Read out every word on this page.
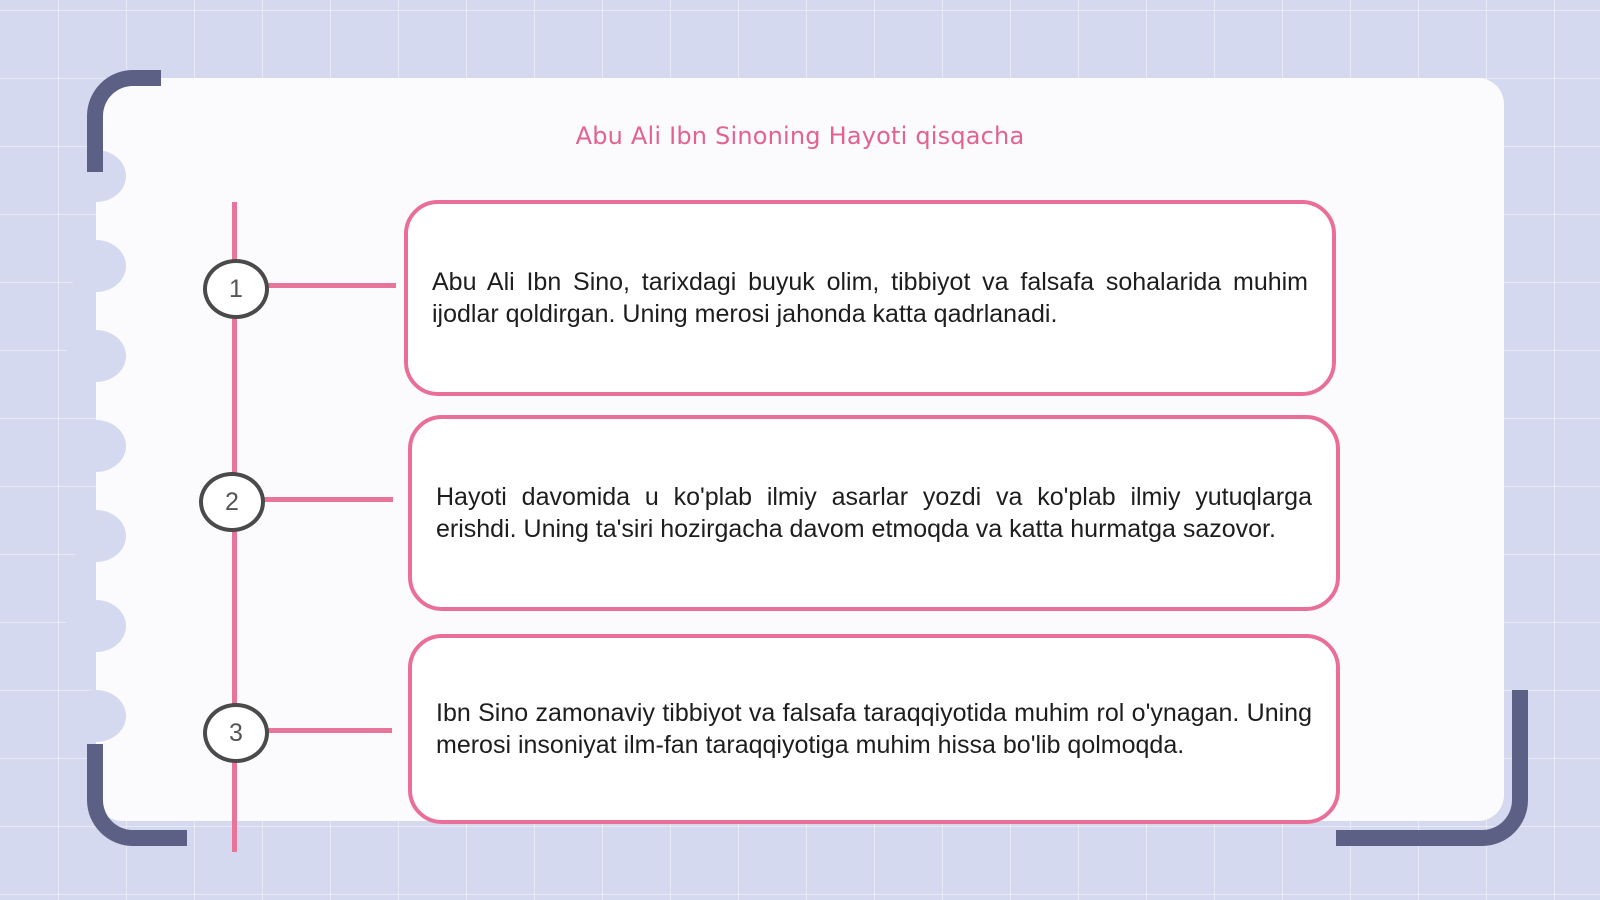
Abu Ali Ibn Sinoning Hayoti qisqacha
1	Abu Ali Ibn Sino, tarixdagi buyuk olim, tibbiyot va falsafa sohalarida muhim ijodlar qoldirgan. Uning merosi jahonda katta qadrlanadi.

2	Hayoti davomida u ko'plab ilmiy asarlar yozdi va ko'plab ilmiy yutuqlarga erishdi. Uning ta'siri hozirgacha davom etmoqda va katta hurmatga sazovor.

3

Ibn Sino zamonaviy tibbiyot va falsafa taraqqiyotida muhim rol o'ynagan. Uning merosi insoniyat ilm-fan taraqqiyotiga muhim hissa bo'lib qolmoqda.
